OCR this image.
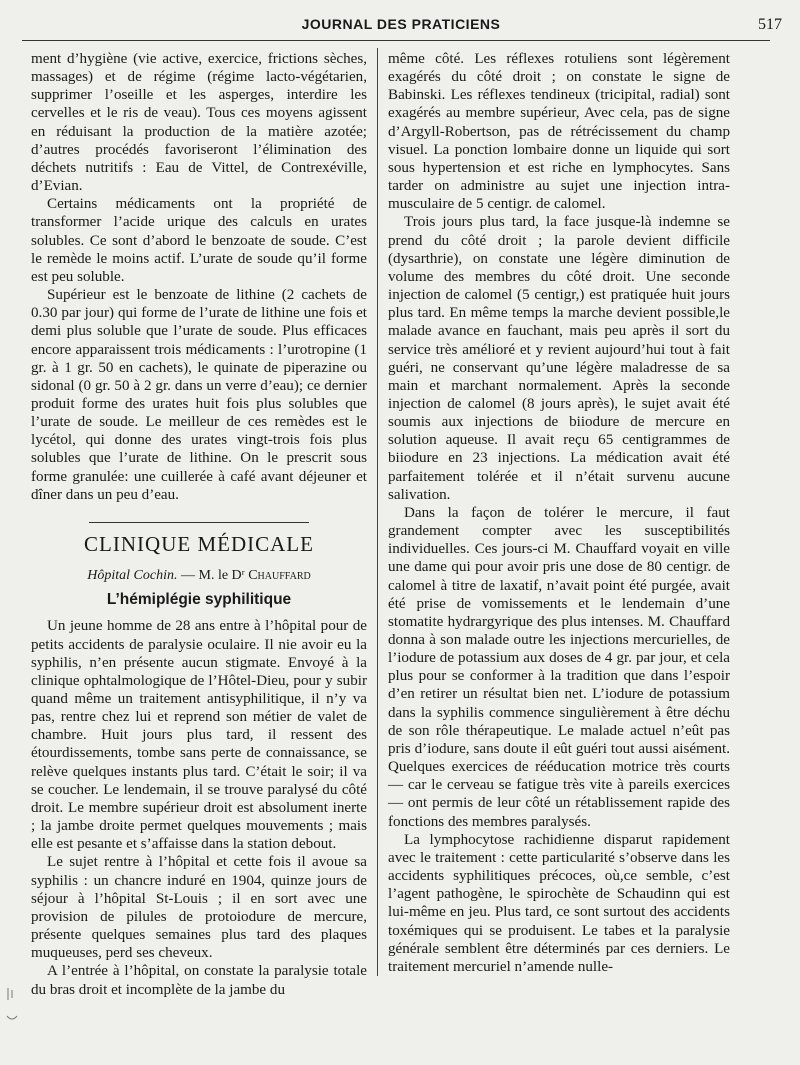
JOURNAL DES PRATICIENS	517

ment d’hygiène (vie active, exercice, frictions sèches, massages) et de régime (régime lacto-végétarien, supprimer l’oseille et les asperges, interdire les cervelles et le ris de veau). Tous ces moyens agissent en réduisant la production de la matière azotée; d’autres procédés favoriseront l’élimination des déchets nutritifs : Eau de Vittel, de Contrexéville, d’Evian.

Certains médicaments ont la propriété de transformer l’acide urique des calculs en urates solubles. Ce sont d’abord le benzoate de soude. C’est le remède le moins actif. L’urate de soude qu’il forme est peu soluble.

Supérieur est le benzoate de lithine (2 cachets de 0.30 par jour) qui forme de l’urate de lithine une fois et demi plus soluble que l’urate de soude. Plus efficaces encore apparaissent trois médicaments : l’urotropine (1 gr. à 1 gr. 50 en cachets), le quinate de piperazine ou sidonal (0 gr. 50 à 2 gr. dans un verre d’eau); ce dernier produit forme des urates huit fois plus solubles que l’urate de soude. Le meilleur de ces remèdes est le lycétol, qui donne des urates vingt-trois fois plus solubles que l’urate de lithine. On le prescrit sous forme granulée: une cuillerée à café avant déjeuner et dîner dans un peu d’eau.

CLINIQUE MÉDICALE
Hôpital Cochin. — M. le Dʳ Chauffard
L’hémiplégie syphilitique

Un jeune homme de 28 ans entre à l’hôpital pour de petits accidents de paralysie oculaire. Il nie avoir eu la syphilis, n’en présente aucun stigmate. Envoyé à la clinique ophtalmologique de l’Hôtel-Dieu, pour y subir quand même un traitement antisyphilitique, il n’y va pas, rentre chez lui et reprend son métier de valet de chambre. Huit jours plus tard, il ressent des étourdissements, tombe sans perte de connaissance, se relève quelques instants plus tard. C’était le soir; il va se coucher. Le lendemain, il se trouve paralysé du côté droit. Le membre supérieur droit est absolument inerte ; la jambe droite permet quelques mouvements ; mais elle est pesante et s’affaisse dans la station debout.

Le sujet rentre à l’hôpital et cette fois il avoue sa syphilis : un chancre induré en 1904, quinze jours de séjour à l’hôpital St-Louis ; il en sort avec une provision de pilules de protoiodure de mercure, présente quelques semaines plus tard des plaques muqueuses, perd ses cheveux.

A l’entrée à l’hôpital, on constate la paralysie totale du bras droit et incomplète de la jambe du

même côté. Les réflexes rotuliens sont légèrement exagérés du côté droit ; on constate le signe de Babinski. Les réflexes tendineux (tricipital, radial) sont exagérés au membre supérieur, Avec cela, pas de signe d’Argyll-Robertson, pas de rétrécissement du champ visuel. La ponction lombaire donne un liquide qui sort sous hypertension et est riche en lymphocytes. Sans tarder on administre au sujet une injection intra-musculaire de 5 centigr. de calomel.

Trois jours plus tard, la face jusque-là indemne se prend du côté droit ; la parole devient difficile (dysarthrie), on constate une légère diminution de volume des membres du côté droit. Une seconde injection de calomel (5 centigr,) est pratiquée huit jours plus tard. En même temps la marche devient possible,le malade avance en fauchant, mais peu après il sort du service très amélioré et y revient aujourd’hui tout à fait guéri, ne conservant qu’une légère maladresse de sa main et marchant normalement. Après la seconde injection de calomel (8 jours après), le sujet avait été soumis aux injections de biiodure de mercure en solution aqueuse. Il avait reçu 65 centigrammes de biiodure en 23 injections. La médication avait été parfaitement tolérée et il n’était survenu aucune salivation.

Dans la façon de tolérer le mercure, il faut grandement compter avec les susceptibilités individuelles. Ces jours-ci M. Chauffard voyait en ville une dame qui pour avoir pris une dose de 80 centigr. de calomel à titre de laxatif, n’avait point été purgée, avait été prise de vomissements et le lendemain d’une stomatite hydrargyrique des plus intenses. M. Chauffard donna à son malade outre les injections mercurielles, de l’iodure de potassium aux doses de 4 gr. par jour, et cela plus pour se conformer à la tradition que dans l’espoir d’en retirer un résultat bien net. L’iodure de potassium dans la syphilis commence singulièrement à être déchu de son rôle thérapeutique. Le malade actuel n’eût pas pris d’iodure, sans doute il eût guéri tout aussi aisément. Quelques exercices de rééducation motrice très courts — car le cerveau se fatigue très vite à pareils exercices — ont permis de leur côté un rétablissement rapide des fonctions des membres paralysés.

La lymphocytose rachidienne disparut rapidement avec le traitement : cette particularité s’observe dans les accidents syphilitiques précoces, où,ce semble, c’est l’agent pathogène, le spirochète de Schaudinn qui est lui-même en jeu. Plus tard, ce sont surtout des accidents toxémiques qui se produisent. Le tabes et la paralysie générale semblent être déterminés par ces derniers. Le traitement mercuriel n’amende nulle-
